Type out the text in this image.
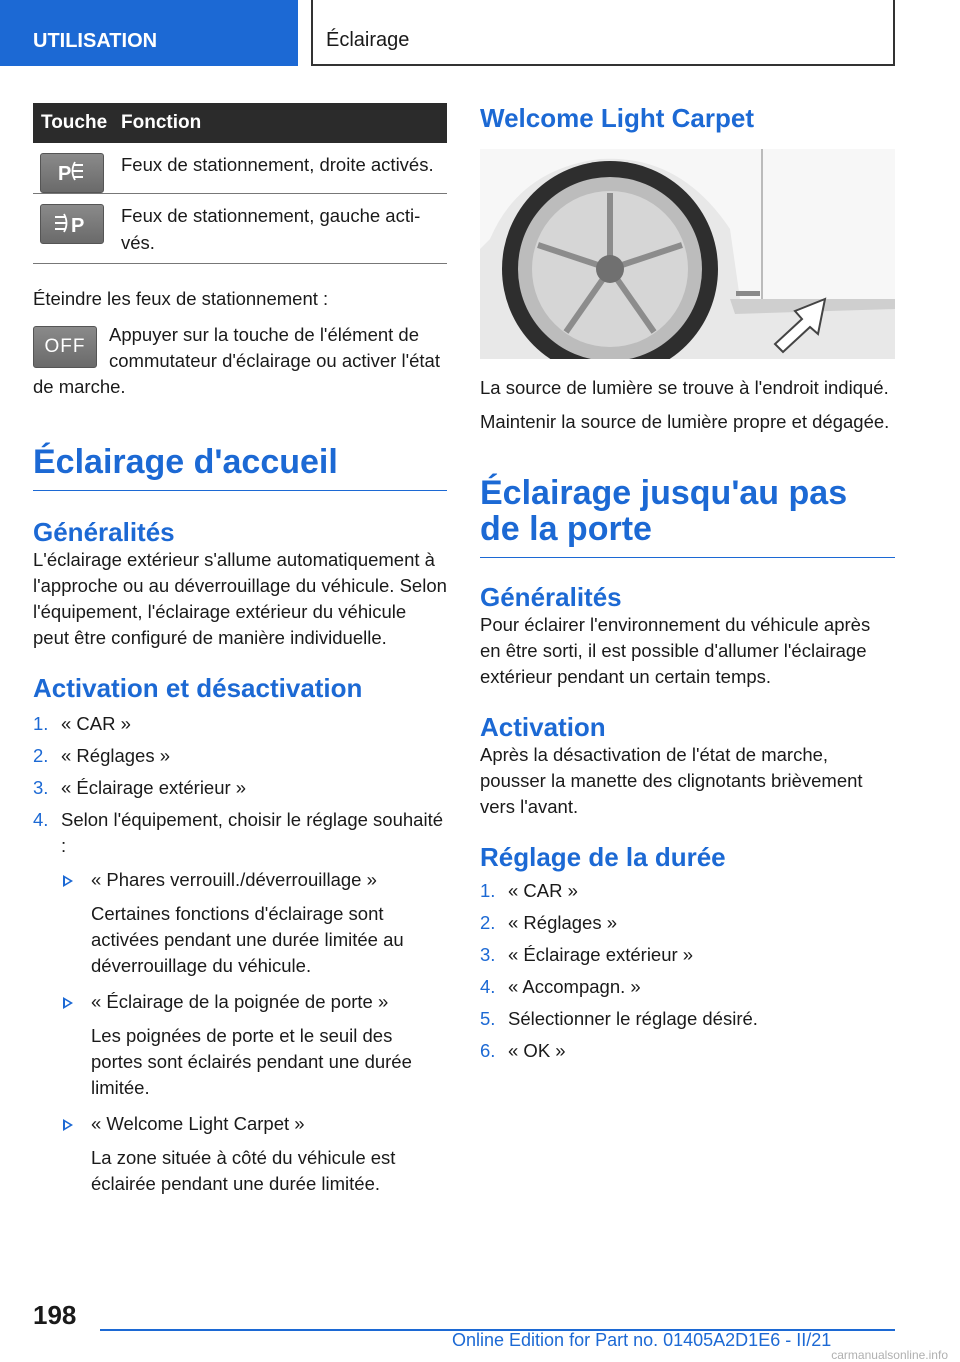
UTILISATION	Éclairage
Touche	Fonction

P	Feux de stationnement, droite activés.

P	Feux de stationnement, gauche activés.

Éteindre les feux de stationnement :

OFF

Appuyer sur la touche de l'élément de commutateur d'éclairage ou activer l'état de marche.

Éclairage d'accueil
Généralités

L'éclairage extérieur s'allume automatiquement à l'approche ou au déverrouillage du véhicule. Selon l'équipement, l'éclairage extérieur du véhicule peut être configuré de manière individuelle.

Activation et désactivation
1. « CAR »
2. « Réglages »
3. « Éclairage extérieur »
4. Selon l'équipement, choisir le réglage souhaité :
« Phares verrouill./déverrouillage »

Certaines fonctions d'éclairage sont activées pendant une durée limitée au déverrouillage du véhicule.

« Éclairage de la poignée de porte »

Les poignées de porte et le seuil des portes sont éclairés pendant une durée limitée.

« Welcome Light Carpet »

La zone située à côté du véhicule est éclairée pendant une durée limitée.

Welcome Light Carpet

La source de lumière se trouve à l'endroit indiqué.

Maintenir la source de lumière propre et dégagée.

Éclairage jusqu'au pas de la porte
Généralités

Pour éclairer l'environnement du véhicule après en être sorti, il est possible d'allumer l'éclairage extérieur pendant un certain temps.

Activation

Après la désactivation de l'état de marche, pousser la manette des clignotants brièvement vers l'avant.

Réglage de la durée
1. « CAR »
2. « Réglages »
3. « Éclairage extérieur »
4. « Accompagn. »
5. Sélectionner le réglage désiré.
6. « OK »
198
Online Edition for Part no. 01405A2D1E6 - II/21
carmanualsonline.info
